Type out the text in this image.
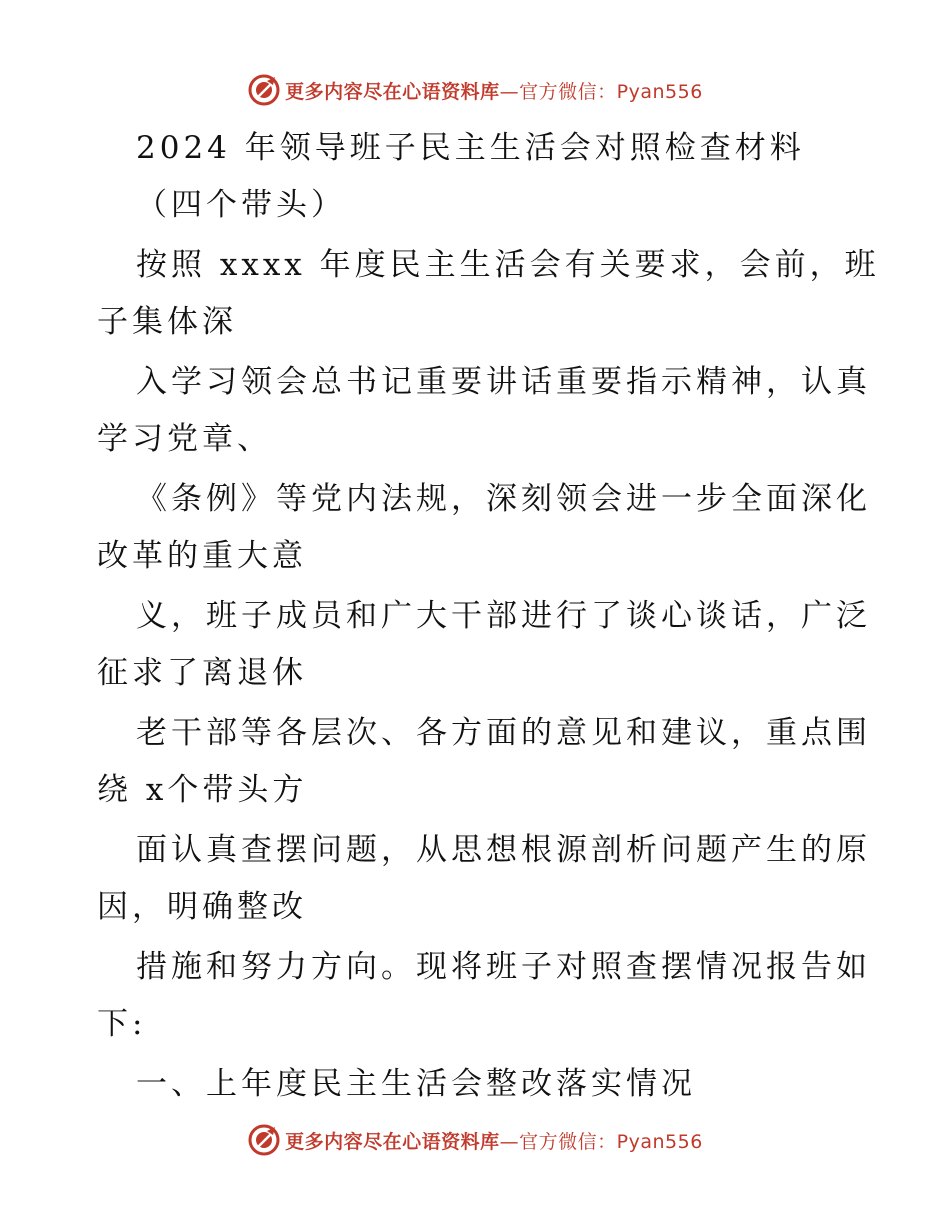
更多内容尽在心语资料库—官方微信：Pyan556
2024 年领导班子民主生活会对照检查材料
（四个带头）
按照 xxxx 年度民主生活会有关要求，会前，班
子集体深
入学习领会总书记重要讲话重要指示精神，认真
学习党章、
《条例》等党内法规，深刻领会进一步全面深化
改革的重大意
义，班子成员和广大干部进行了谈心谈话，广泛
征求了离退休
老干部等各层次、各方面的意见和建议，重点围
绕 x个带头方
面认真查摆问题，从思想根源剖析问题产生的原
因，明确整改
措施和努力方向。现将班子对照查摆情况报告如
下:
一、上年度民主生活会整改落实情况
更多内容尽在心语资料库—官方微信：Pyan556
